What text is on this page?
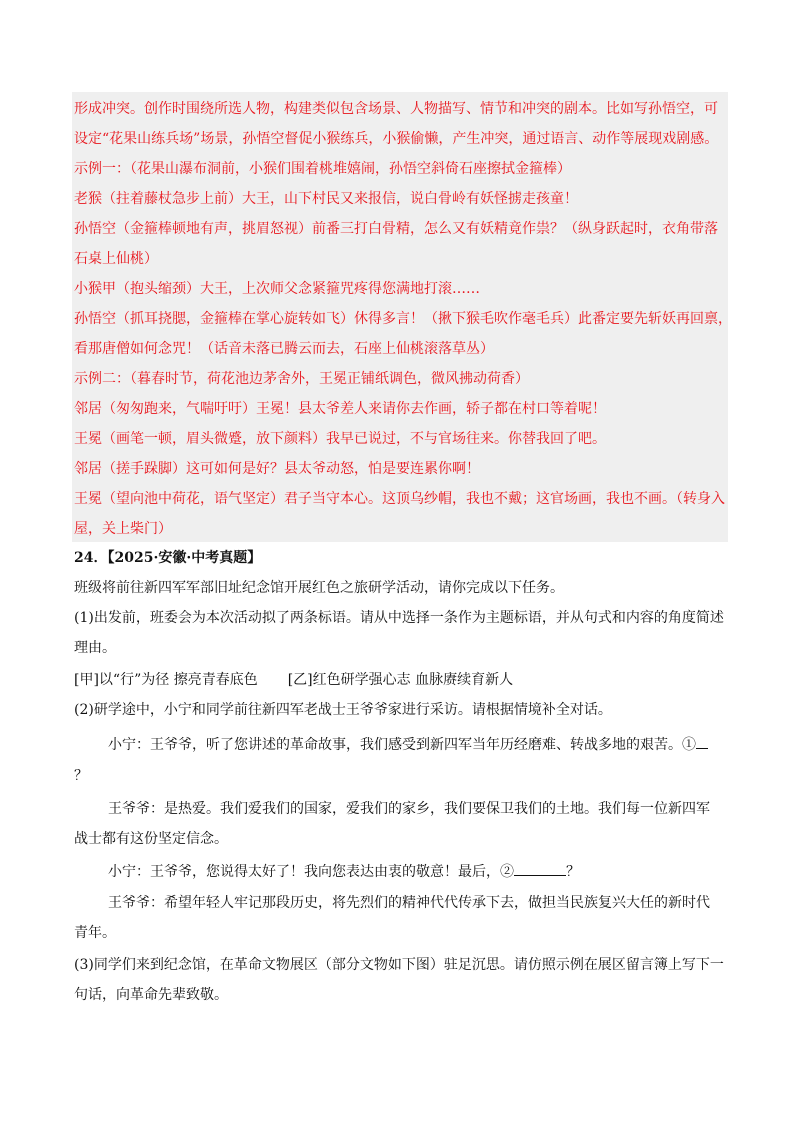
形成冲突。创作时围绕所选人物，构建类似包含场景、人物描写、情节和冲突的剧本。比如写孙悟空，可
设定“花果山练兵场”场景，孙悟空督促小猴练兵，小猴偷懒，产生冲突，通过语言、动作等展现戏剧感。
示例一：（花果山瀑布洞前，小猴们围着桃堆嬉闹，孙悟空斜倚石座擦拭金箍棒）
老猴（拄着藤杖急步上前）大王，山下村民又来报信，说白骨岭有妖怪掳走孩童！
孙悟空（金箍棒顿地有声，挑眉怒视）前番三打白骨精，怎么又有妖精竟作祟？（纵身跃起时，衣角带落
石桌上仙桃）
小猴甲（抱头缩颈）大王，上次师父念紧箍咒疼得您满地打滚……
孙悟空（抓耳挠腮，金箍棒在掌心旋转如飞）休得多言！（揪下猴毛吹作毫毛兵）此番定要先斩妖再回禀，
看那唐僧如何念咒！（话音未落已腾云而去，石座上仙桃滚落草丛）
示例二：（暮春时节，荷花池边茅舍外，王冕正铺纸调色，微风拂动荷香）
邻居（匆匆跑来，气喘吁吁）王冕！县太爷差人来请你去作画，轿子都在村口等着呢！
王冕（画笔一顿，眉头微蹙，放下颜料）我早已说过，不与官场往来。你替我回了吧。
邻居（搓手跺脚）这可如何是好？县太爷动怒，怕是要连累你啊！
王冕（望向池中荷花，语气坚定）君子当守本心。这顶乌纱帽，我也不戴；这官场画，我也不画。（转身入
屋，关上柴门）
24．【2025·安徽·中考真题】
班级将前往新四军军部旧址纪念馆开展红色之旅研学活动，请你完成以下任务。
(1)出发前，班委会为本次活动拟了两条标语。请从中选择一条作为主题标语，并从句式和内容的角度简述
理由。
[甲]以“行”为径 擦亮青春底色 [乙]红色研学强心志 血脉赓续育新人
(2)研学途中，小宁和同学前往新四军老战士王爷爷家进行采访。请根据情境补全对话。
小宁：王爷爷，听了您讲述的革命故事，我们感受到新四军当年历经磨难、转战多地的艰苦。①
？
王爷爷：是热爱。我们爱我们的国家，爱我们的家乡，我们要保卫我们的土地。我们每一位新四军
战士都有这份坚定信念。
小宁：王爷爷，您说得太好了！我向您表达由衷的敬意！最后，②	？
王爷爷：希望年轻人牢记那段历史，将先烈们的精神代代传承下去，做担当民族复兴大任的新时代
青年。
(3)同学们来到纪念馆，在革命文物展区（部分文物如下图）驻足沉思。请仿照示例在展区留言簿上写下一
句话，向革命先辈致敬。
